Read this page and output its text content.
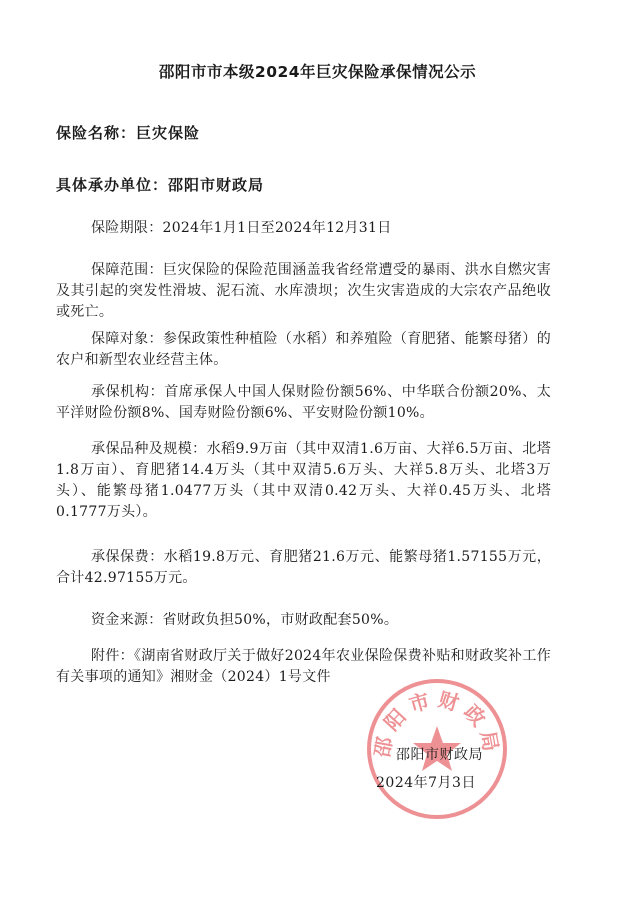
邵阳市市本级2024年巨灾保险承保情况公示
保险名称：巨灾保险
具体承办单位：邵阳市财政局
保险期限：2024年1月1日至2024年12月31日
保障范围：巨灾保险的保险范围涵盖我省经常遭受的暴雨、洪水自燃灾害及其引起的突发性滑坡、泥石流、水库溃坝；次生灾害造成的大宗农产品绝收或死亡。
保障对象：参保政策性种植险（水稻）和养殖险（育肥猪、能繁母猪）的农户和新型农业经营主体。
承保机构：首席承保人中国人保财险份额56%、中华联合份额20%、太平洋财险份额8%、国寿财险份额6%、平安财险份额10%。
承保品种及规模：水稻9.9万亩（其中双清1.6万亩、大祥6.5万亩、北塔1.8万亩）、育肥猪14.4万头（其中双清5.6万头、大祥5.8万头、北塔3万头）、能繁母猪1.0477万头（其中双清0.42万头、大祥0.45万头、北塔0.1777万头）。
承保保费：水稻19.8万元、育肥猪21.6万元、能繁母猪1.57155万元，合计42.97155万元。
资金来源：省财政负担50%，市财政配套50%。
附件：《湖南省财政厅关于做好2024年农业保险保费补贴和财政奖补工作有关事项的通知》湘财金（2024）1号文件
邵阳市财政局
邵阳市财政局
2024年7月3日
